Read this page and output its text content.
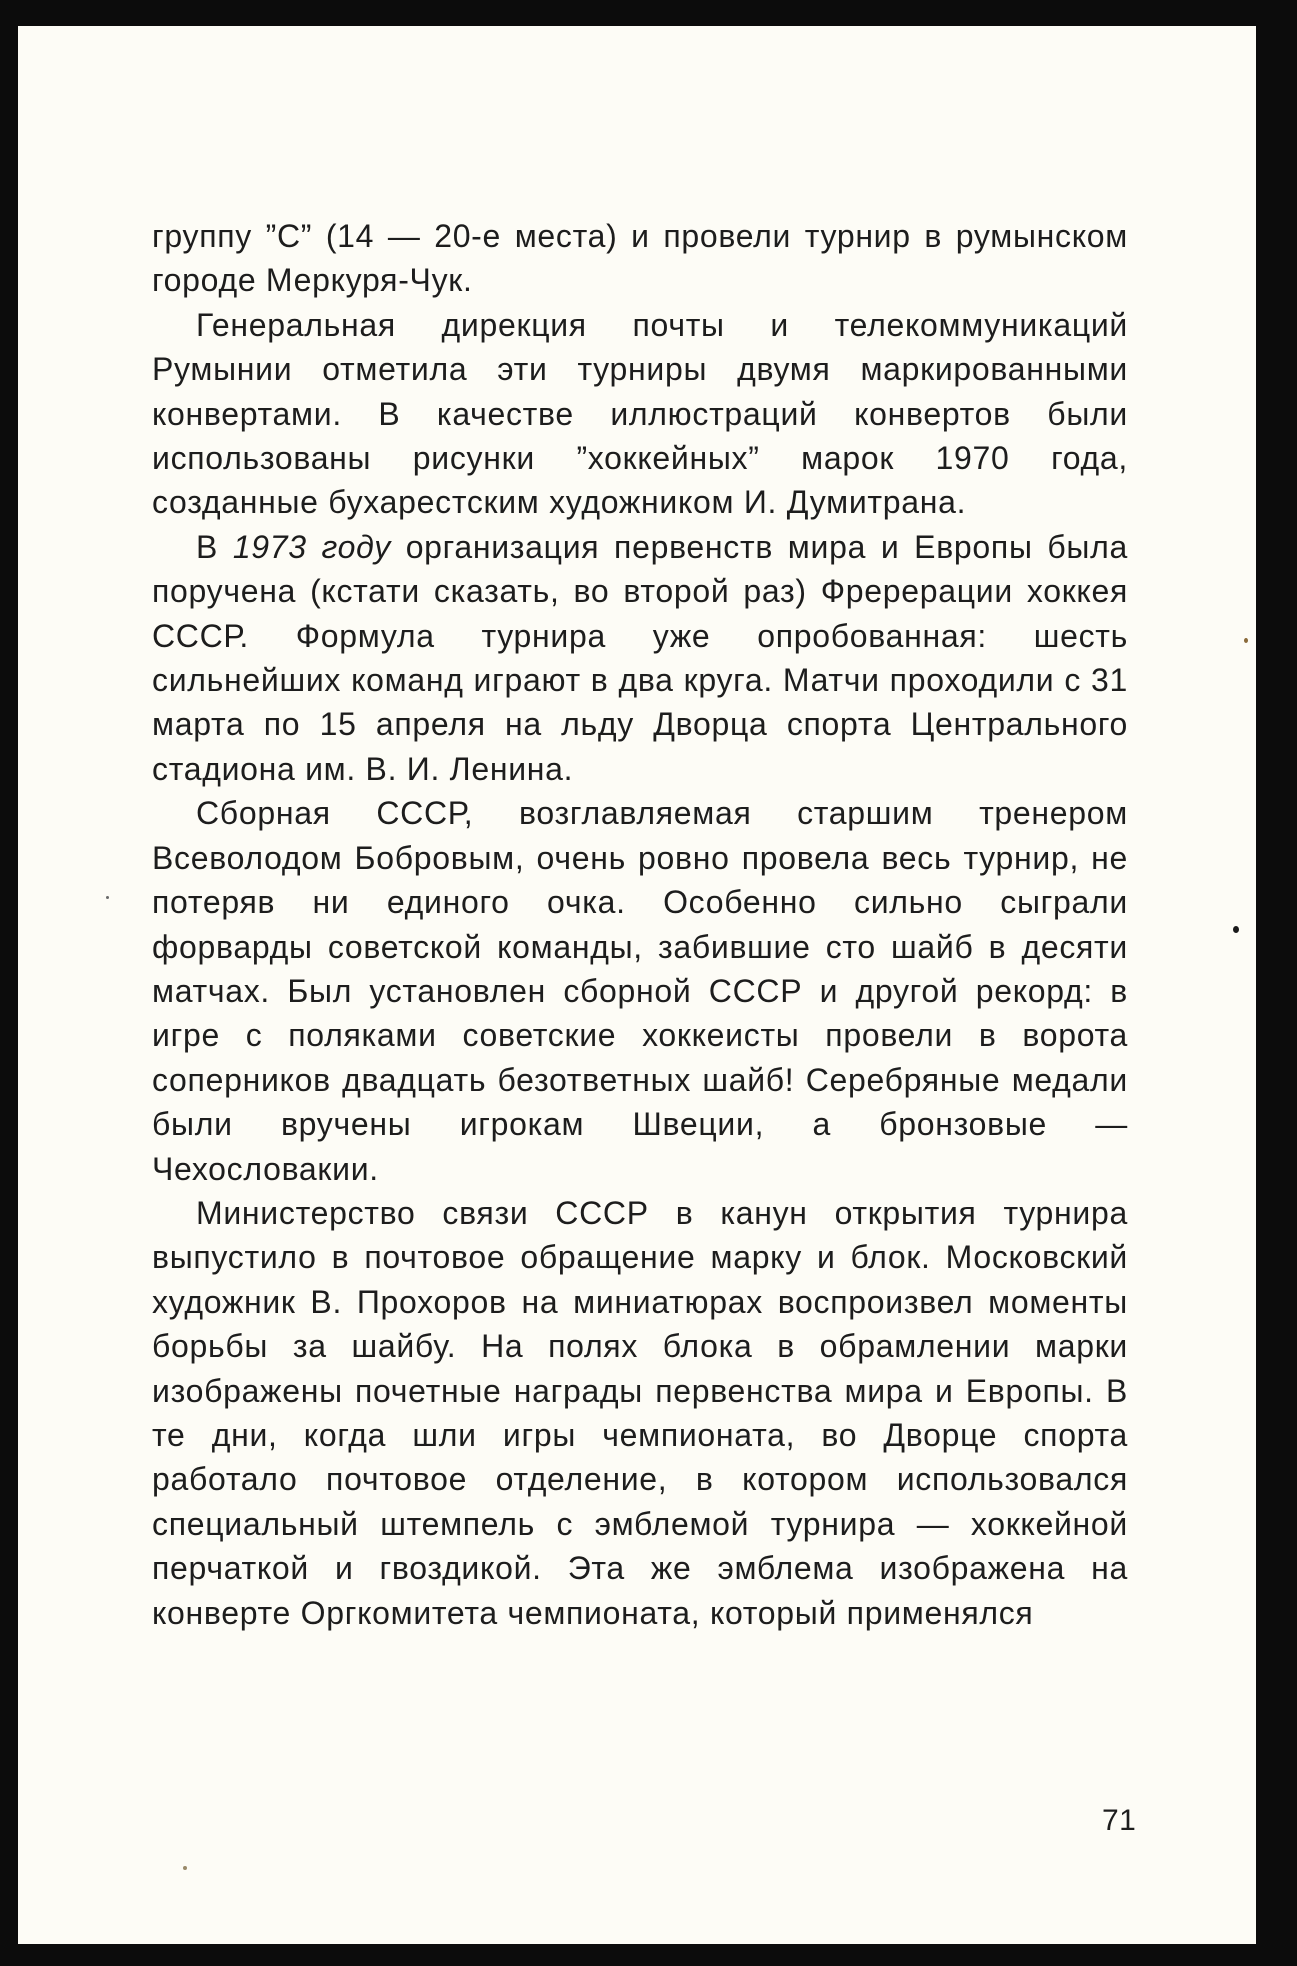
группу ”С” (14 — 20-е места) и провели турнир в румынском городе Меркуря-Чук.

Генеральная дирекция почты и телекоммуникаций Румынии отметила эти турниры двумя маркированными конвертами. В качестве иллюстраций конвертов были использованы рисунки ”хоккейных” марок 1970 года, созданные бухарестским художником И. Думитрана.

В 1973 году организация первенств мира и Европы была поручена (кстати сказать, во второй раз) Фререрации хоккея СССР. Формула турнира уже опробованная: шесть сильнейших команд играют в два круга. Матчи проходили с 31 марта по 15 апреля на льду Дворца спорта Центрального стадиона им. В. И. Ленина.

Сборная СССР, возглавляемая старшим тренером Всеволодом Бобровым, очень ровно провела весь турнир, не потеряв ни единого очка. Особенно сильно сыграли форварды советской команды, забившие сто шайб в десяти матчах. Был установлен сборной СССР и другой рекорд: в игре с поляками советские хоккеисты провели в ворота соперников двадцать безответных шайб! Серебряные медали были вручены игрокам Швеции, а бронзовые — Чехословакии.

Министерство связи СССР в канун открытия турнира выпустило в почтовое обращение марку и блок. Московский художник В. Прохоров на миниатюрах воспроизвел моменты борьбы за шайбу. На полях блока в обрамлении марки изображены почетные награды первенства мира и Европы. В те дни, когда шли игры чемпионата, во Дворце спорта работало почтовое отделение, в котором использовался специальный штемпель с эмблемой турнира — хоккейной перчаткой и гвоздикой. Эта же эмблема изображена на конверте Оргкомитета чемпионата, который применялся

71
